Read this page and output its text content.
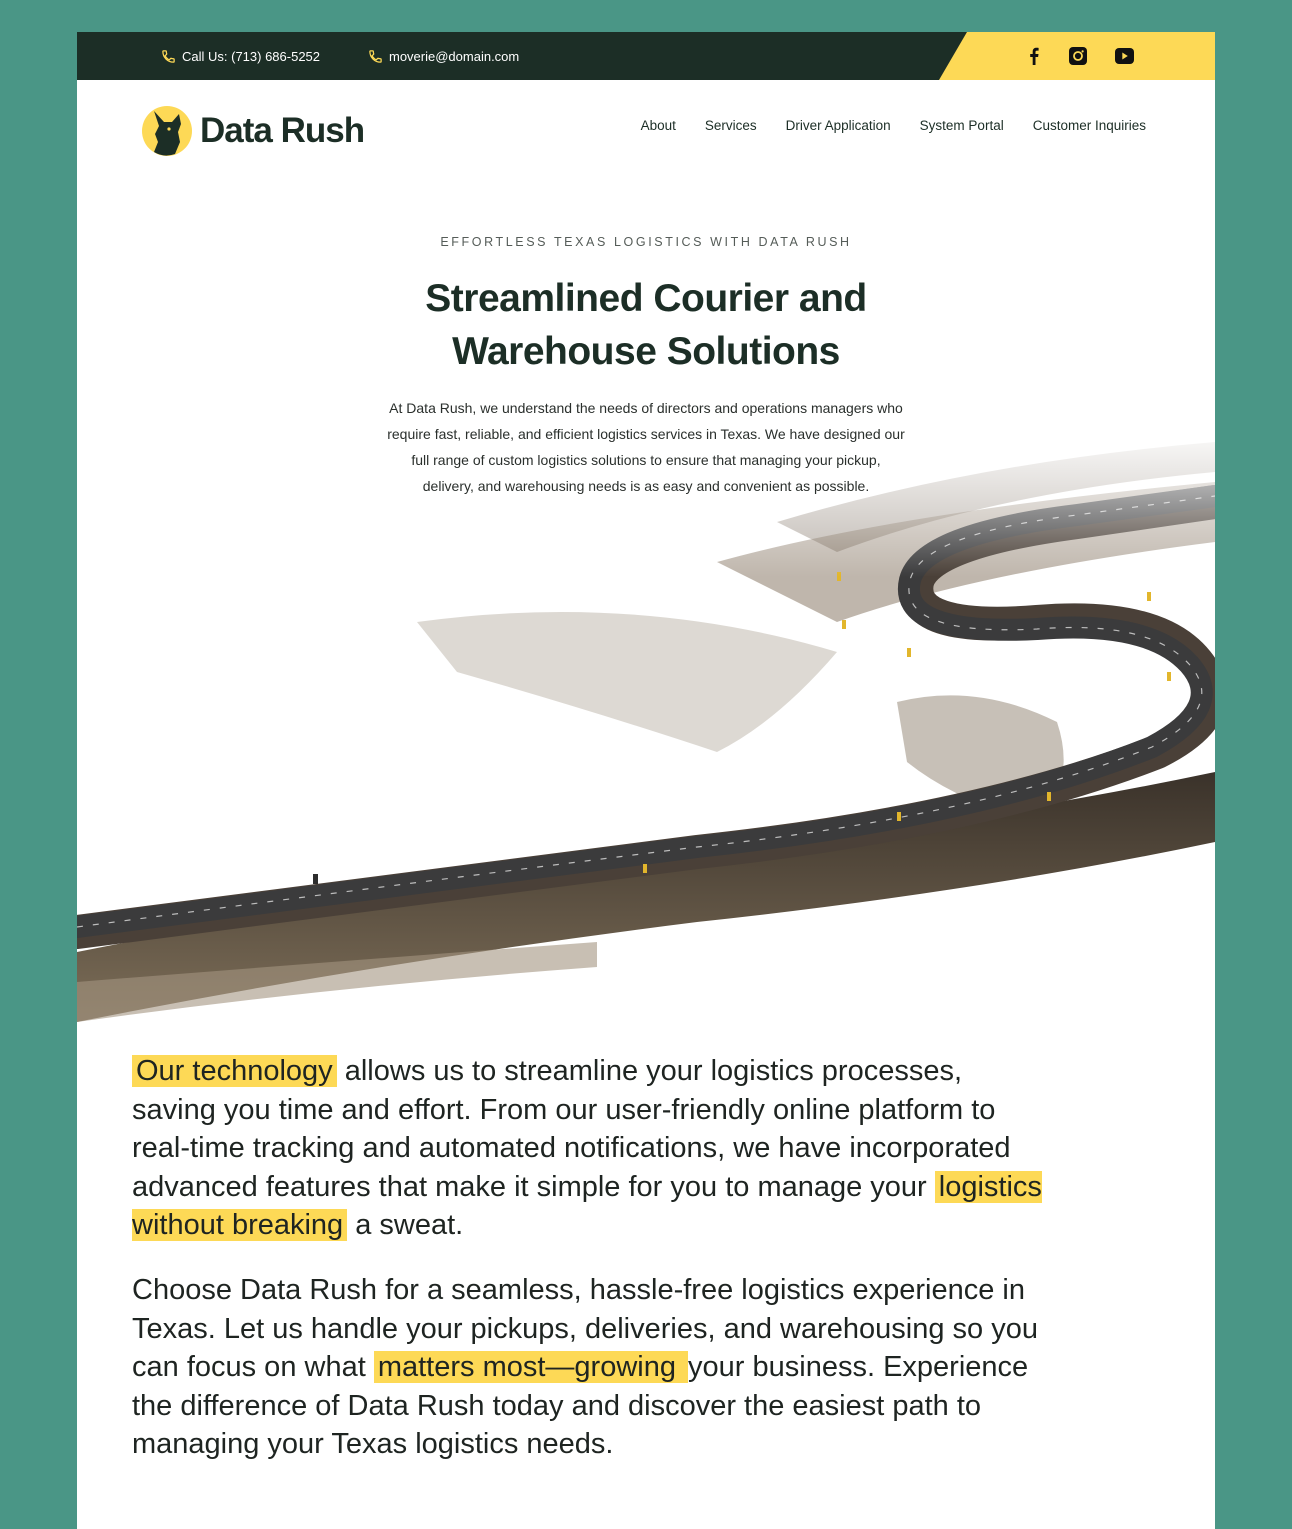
Call Us: (713) 686-5252	moverie@domain.com
Data Rush	About Services Driver Application System Portal Customer Inquiries
EFFORTLESS TEXAS LOGISTICS WITH DATA RUSH
Streamlined Courier and Warehouse Solutions

At Data Rush, we understand the needs of directors and operations managers who require fast, reliable, and efficient logistics services in Texas. We have designed our full range of custom logistics solutions to ensure that managing your pickup, delivery, and warehousing needs is as easy and convenient as possible.

Our technology allows us to streamline your logistics processes, saving you time and effort. From our user-friendly online platform to real-time tracking and automated notifications, we have incorporated advanced features that make it simple for you to manage your logistics without breaking a sweat.

Choose Data Rush for a seamless, hassle-free logistics experience in Texas. Let us handle your pickups, deliveries, and warehousing so you can focus on what matters most—growing your business. Experience the difference of Data Rush today and discover the easiest path to managing your Texas logistics needs.
